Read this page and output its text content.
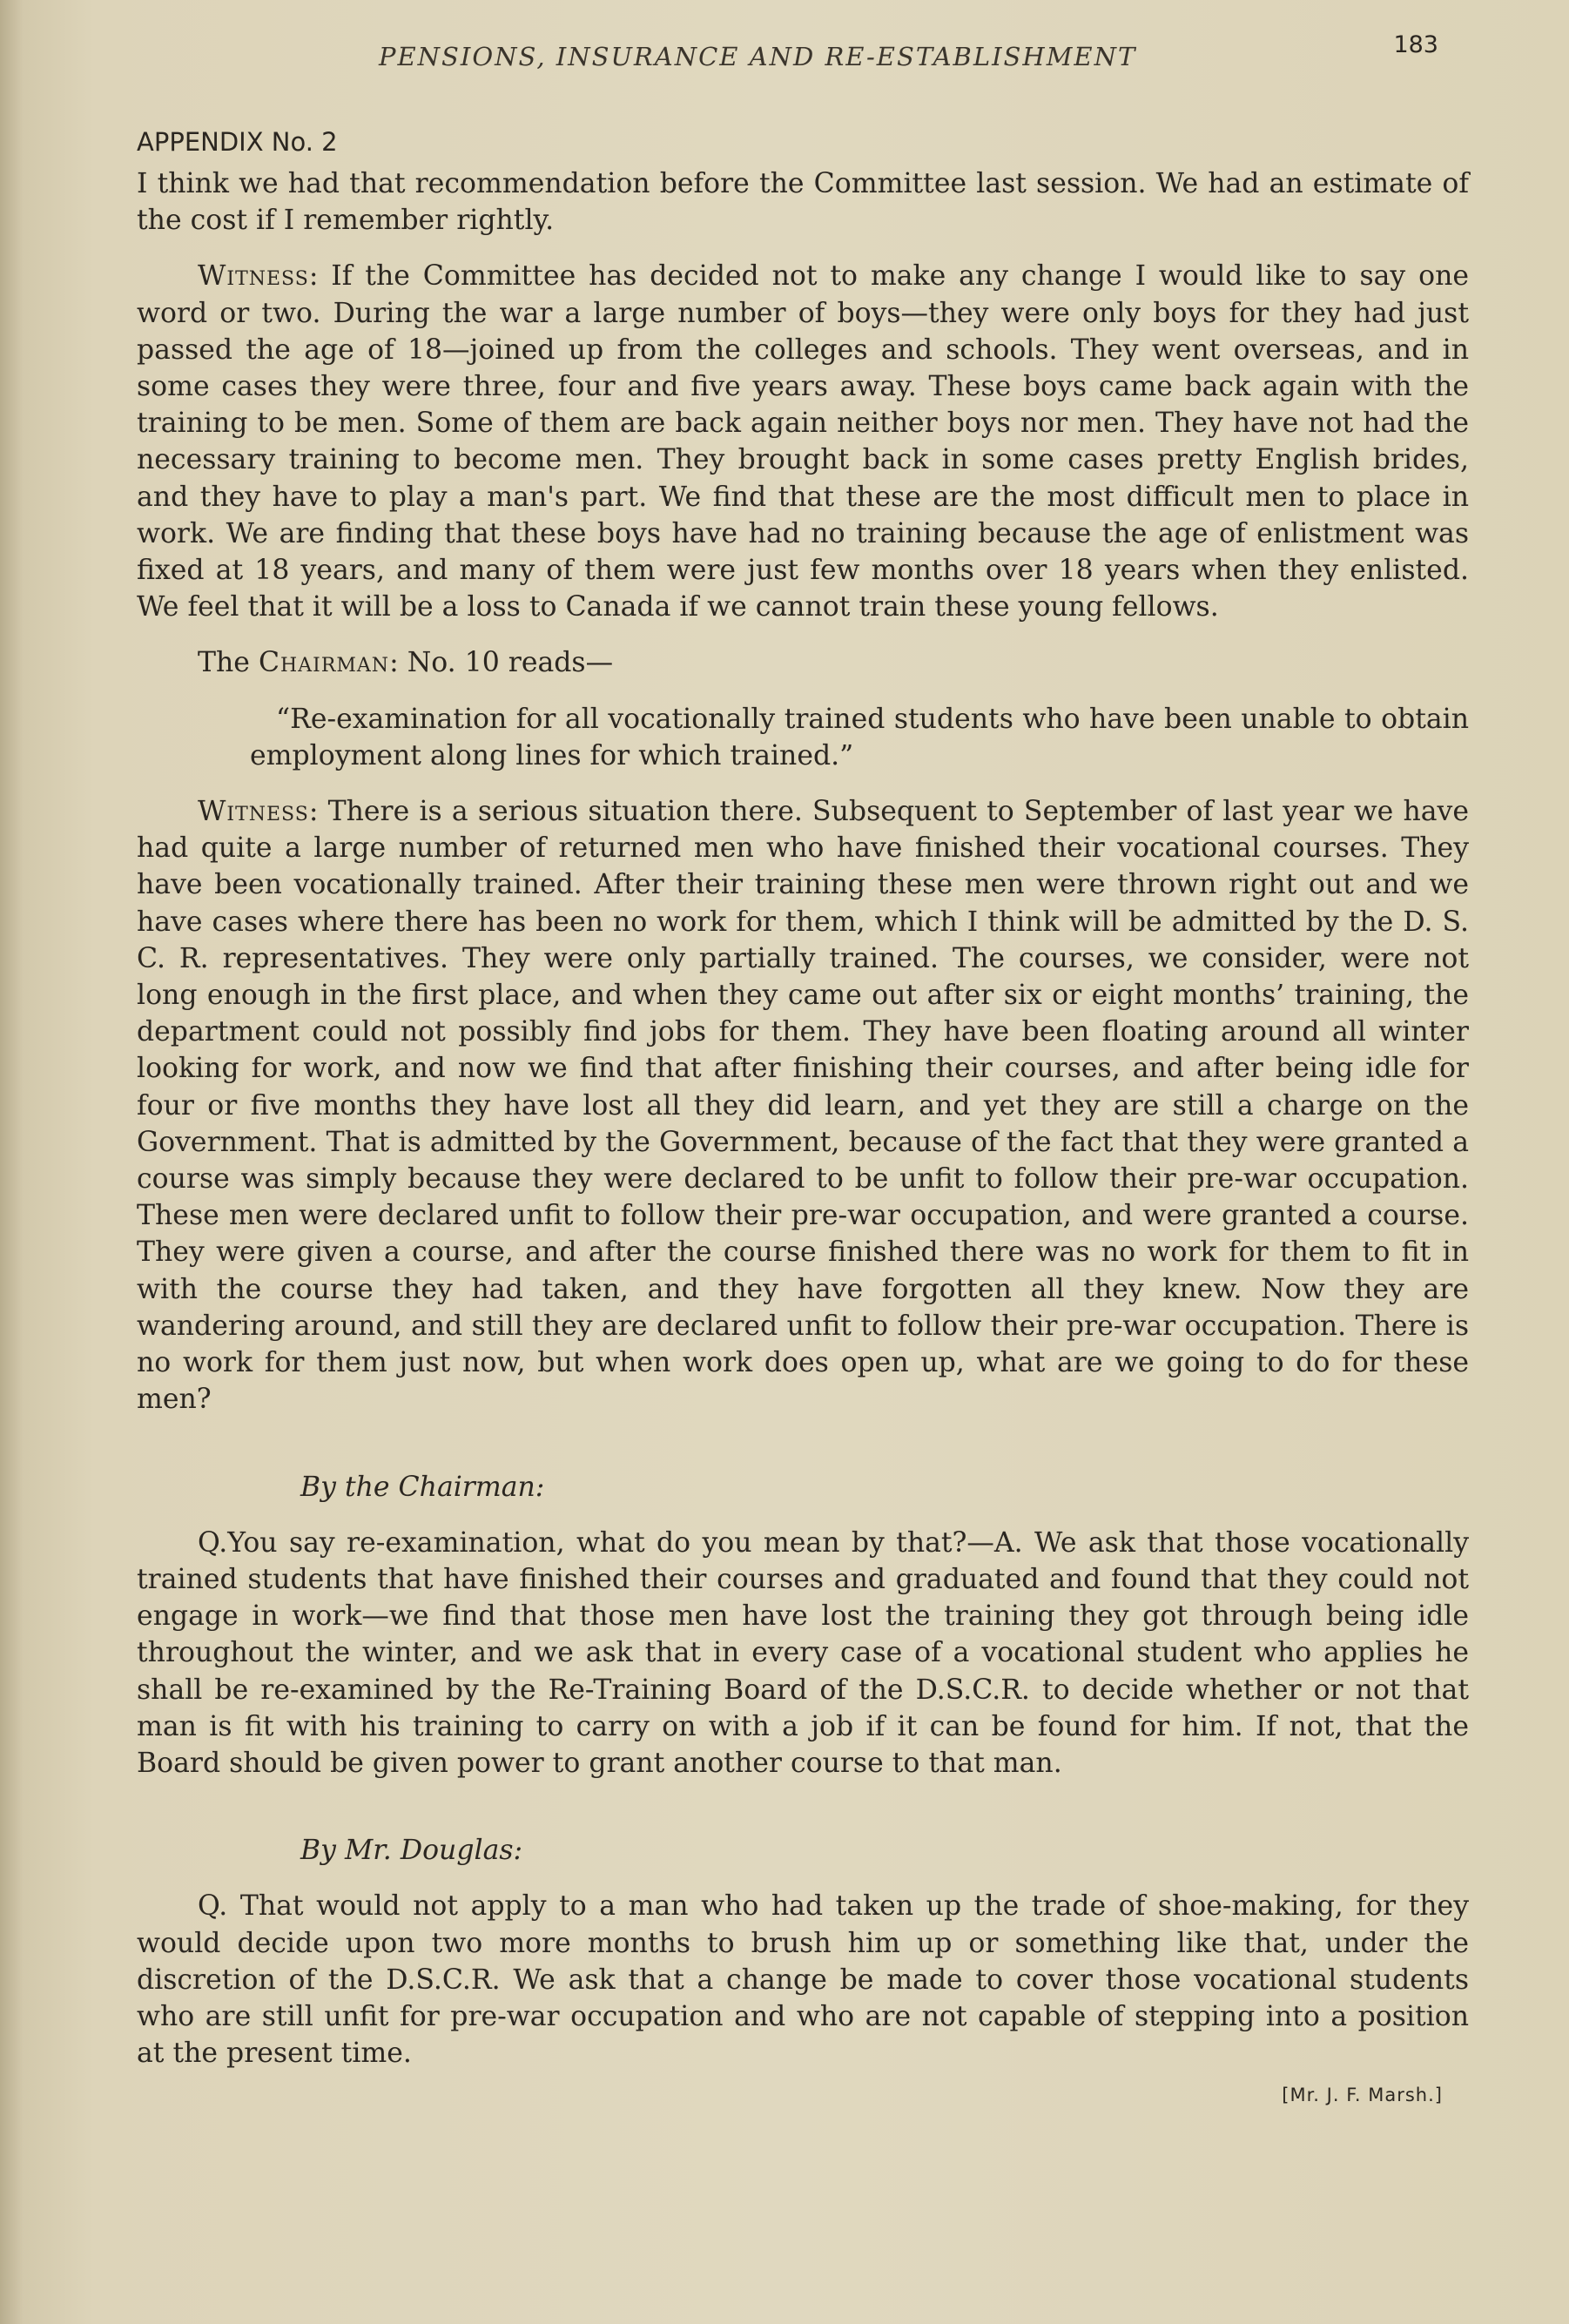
PENSIONS, INSURANCE AND RE-ESTABLISHMENT	183
APPENDIX No. 2

I think we had that recommendation before the Committee last session. We had an estimate of the cost if I remember rightly.

Witness: If the Committee has decided not to make any change I would like to say one word or two. During the war a large number of boys—they were only boys for they had just passed the age of 18—joined up from the colleges and schools. They went overseas, and in some cases they were three, four and five years away. These boys came back again with the training to be men. Some of them are back again neither boys nor men. They have not had the necessary training to become men. They brought back in some cases pretty English brides, and they have to play a man's part. We find that these are the most difficult men to place in work. We are finding that these boys have had no training because the age of enlistment was fixed at 18 years, and many of them were just few months over 18 years when they enlisted. We feel that it will be a loss to Canada if we cannot train these young fellows.

The Chairman: No. 10 reads—

“Re-examination for all vocationally trained students who have been unable to obtain employment along lines for which trained.”

Witness: There is a serious situation there. Subsequent to September of last year we have had quite a large number of returned men who have finished their vocational courses. They have been vocationally trained. After their training these men were thrown right out and we have cases where there has been no work for them, which I think will be admitted by the D. S. C. R. representatives. They were only partially trained. The courses, we consider, were not long enough in the first place, and when they came out after six or eight months’ training, the department could not possibly find jobs for them. They have been floating around all winter looking for work, and now we find that after finishing their courses, and after being idle for four or five months they have lost all they did learn, and yet they are still a charge on the Government. That is admitted by the Government, because of the fact that they were granted a course was simply because they were declared to be unfit to follow their pre-war occupation. These men were declared unfit to follow their pre-war occupation, and were granted a course. They were given a course, and after the course finished there was no work for them to fit in with the course they had taken, and they have forgotten all they knew. Now they are wandering around, and still they are declared unfit to follow their pre-war occupation. There is no work for them just now, but when work does open up, what are we going to do for these men?

By the Chairman:

Q.You say re-examination, what do you mean by that?—A. We ask that those vocationally trained students that have finished their courses and graduated and found that they could not engage in work—we find that those men have lost the training they got through being idle throughout the winter, and we ask that in every case of a vocational student who applies he shall be re-examined by the Re-Training Board of the D.S.C.R. to decide whether or not that man is fit with his training to carry on with a job if it can be found for him. If not, that the Board should be given power to grant another course to that man.

By Mr. Douglas:

Q. That would not apply to a man who had taken up the trade of shoe-making, for they would decide upon two more months to brush him up or something like that, under the discretion of the D.S.C.R. We ask that a change be made to cover those vocational students who are still unfit for pre-war occupation and who are not capable of stepping into a position at the present time.

[Mr. J. F. Marsh.]
